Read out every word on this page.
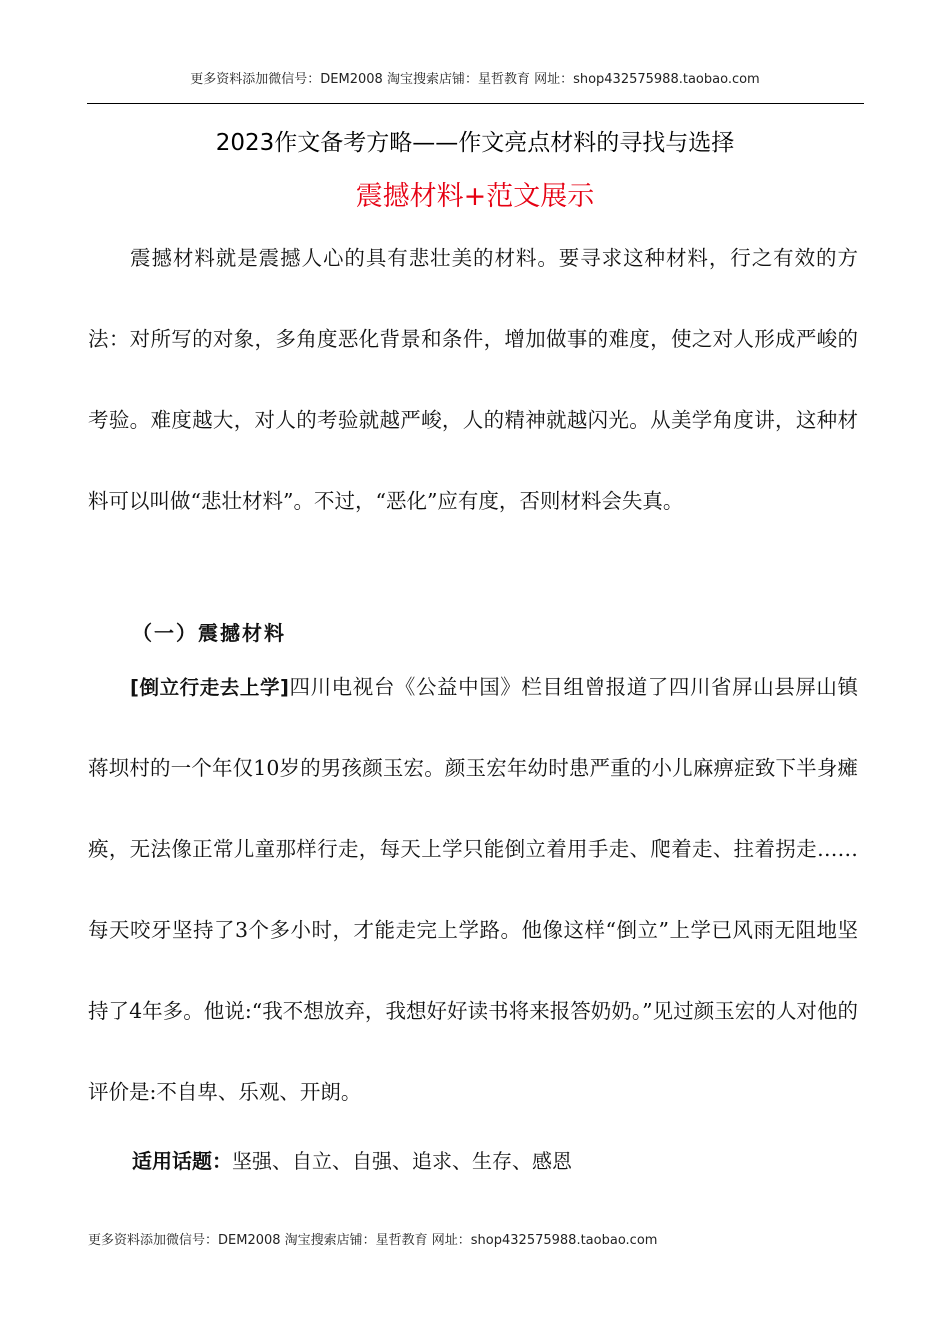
更多资料添加微信号：DEM2008 淘宝搜索店铺：星哲教育 网址：shop432575988.taobao.com
2023作文备考方略——作文亮点材料的寻找与选择
震撼材料+范文展示
震撼材料就是震撼人心的具有悲壮美的材料。要寻求这种材料，行之有效的方法：对所写的对象，多角度恶化背景和条件，增加做事的难度，使之对人形成严峻的考验。难度越大，对人的考验就越严峻，人的精神就越闪光。从美学角度讲，这种材料可以叫做“悲壮材料”。不过，“恶化”应有度，否则材料会失真。
（一）震撼材料
[倒立行走去上学]四川电视台《公益中国》栏目组曾报道了四川省屏山县屏山镇蒋坝村的一个年仅10岁的男孩颜玉宏。颜玉宏年幼时患严重的小儿麻痹症致下半身瘫痪，无法像正常儿童那样行走，每天上学只能倒立着用手走、爬着走、拄着拐走……每天咬牙坚持了3个多小时，才能走完上学路。他像这样“倒立”上学已风雨无阻地坚持了4年多。他说:“我不想放弃，我想好好读书将来报答奶奶。”见过颜玉宏的人对他的评价是:不自卑、乐观、开朗。
适用话题：坚强、自立、自强、追求、生存、感恩
更多资料添加微信号：DEM2008 淘宝搜索店铺：星哲教育 网址：shop432575988.taobao.com
